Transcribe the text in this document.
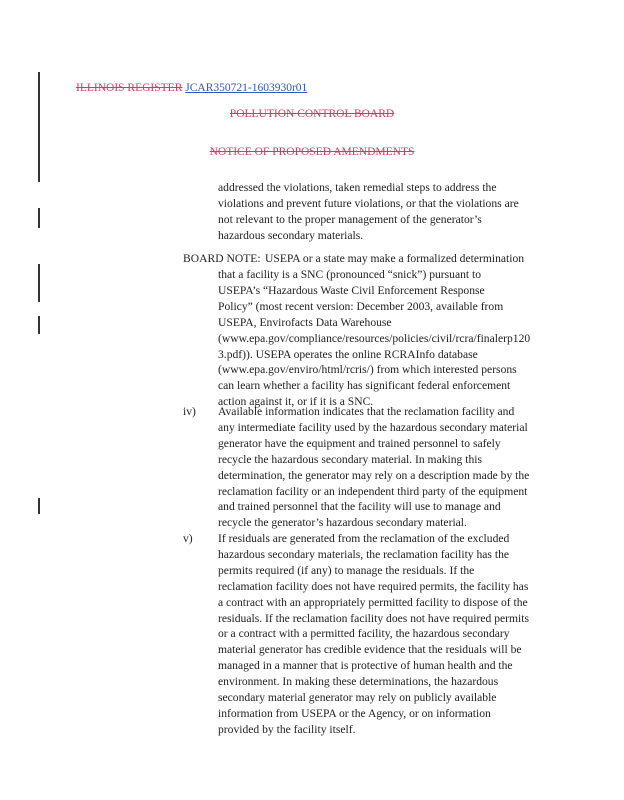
ILLINOIS REGISTER JCAR350721-1603930r01
POLLUTION CONTROL BOARD
NOTICE OF PROPOSED AMENDMENTS
addressed the violations, taken remedial steps to address the
violations and prevent future violations, or that the violations are
not relevant to the proper management of the generator’s
hazardous secondary materials.
BOARD NOTE: USEPA or a state may make a formalized determination
that a facility is a SNC (pronounced “snick”) pursuant to
USEPA’s “Hazardous Waste Civil Enforcement Response
Policy” (most recent version: December 2003, available from
USEPA, Envirofacts Data Warehouse
(www.epa.gov/compliance/resources/policies/civil/rcra/finalerp120
3.pdf)). USEPA operates the online RCRAInfo database
(www.epa.gov/enviro/html/rcris/) from which interested persons
can learn whether a facility has significant federal enforcement
action against it, or if it is a SNC.
iv) Available information indicates that the reclamation facility and
any intermediate facility used by the hazardous secondary material
generator have the equipment and trained personnel to safely
recycle the hazardous secondary material. In making this
determination, the generator may rely on a description made by the
reclamation facility or an independent third party of the equipment
and trained personnel that the facility will use to manage and
recycle the generator’s hazardous secondary material.
v) If residuals are generated from the reclamation of the excluded
hazardous secondary materials, the reclamation facility has the
permits required (if any) to manage the residuals. If the
reclamation facility does not have required permits, the facility has
a contract with an appropriately permitted facility to dispose of the
residuals. If the reclamation facility does not have required permits
or a contract with a permitted facility, the hazardous secondary
material generator has credible evidence that the residuals will be
managed in a manner that is protective of human health and the
environment. In making these determinations, the hazardous
secondary material generator may rely on publicly available
information from USEPA or the Agency, or on information
provided by the facility itself.
